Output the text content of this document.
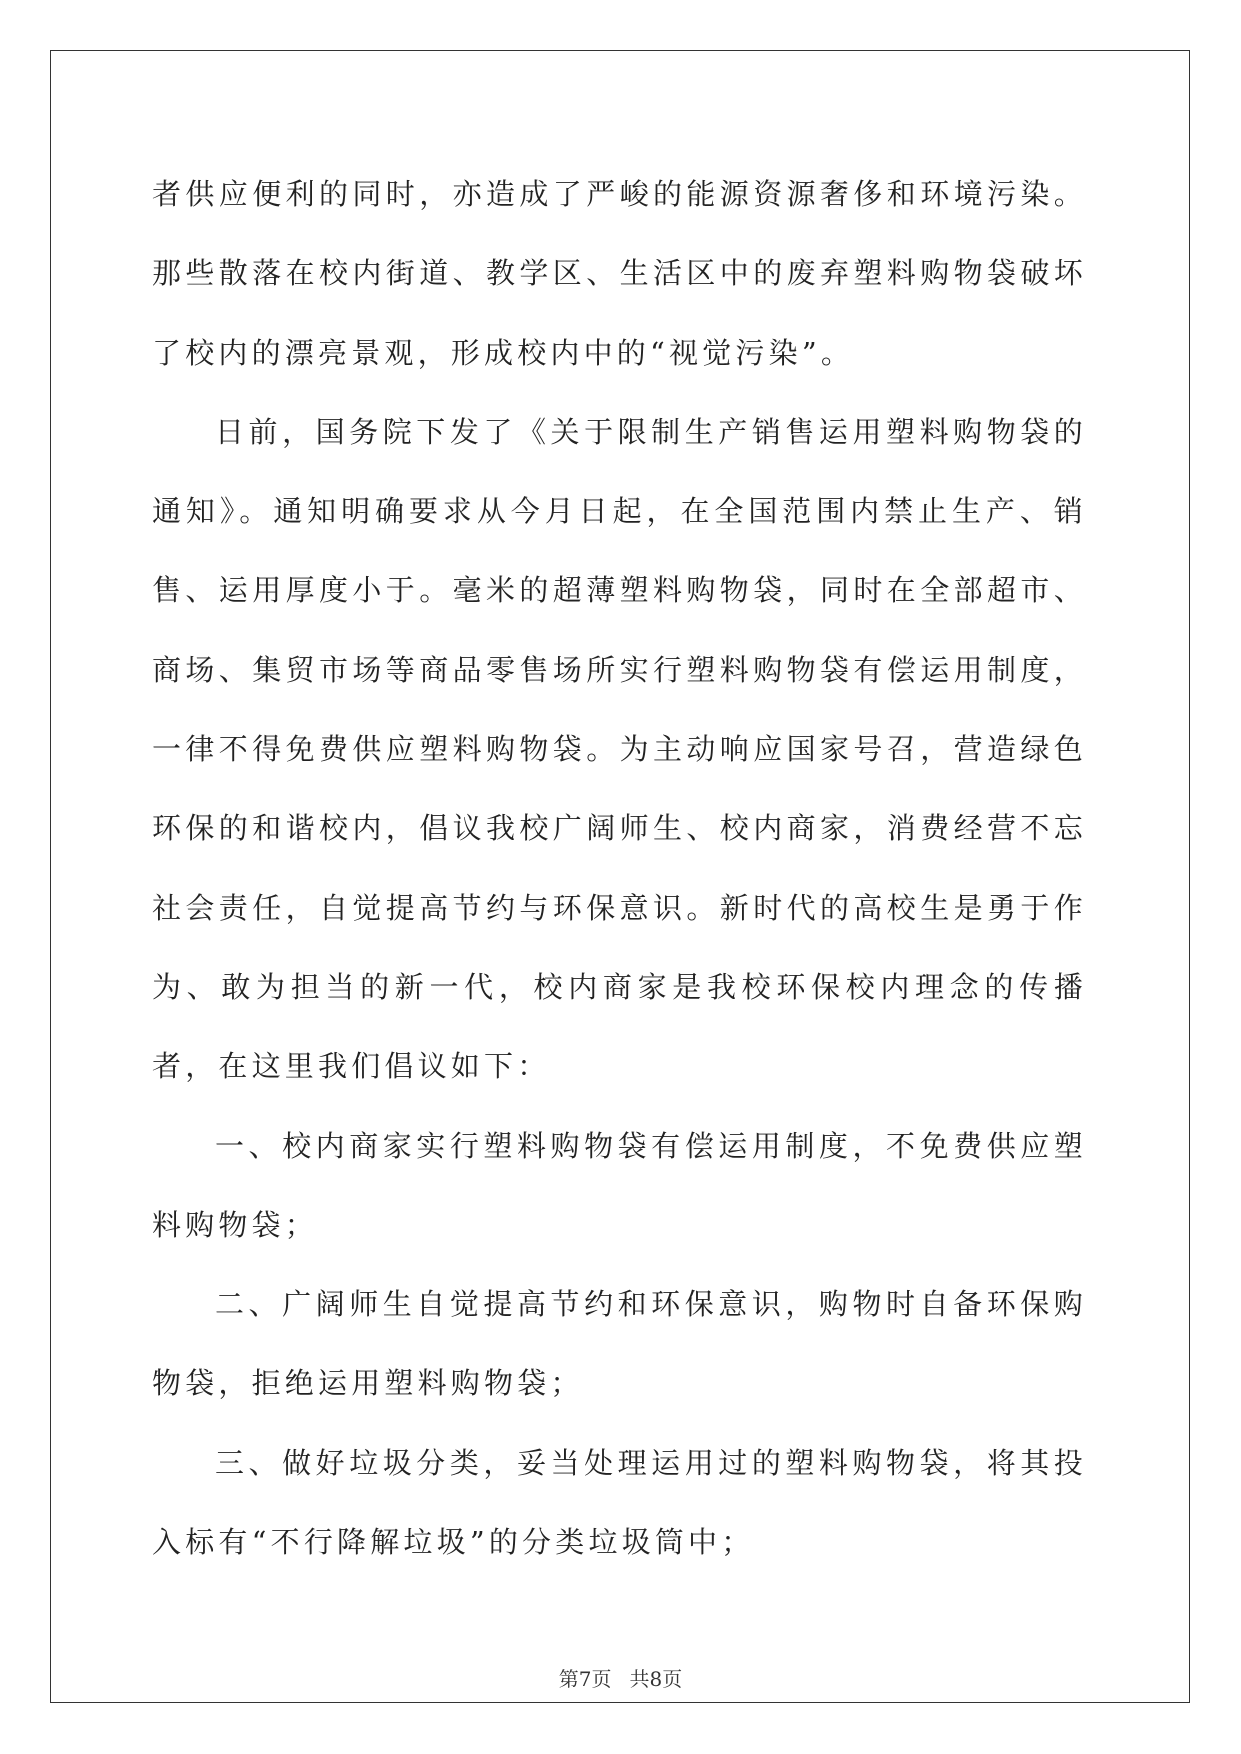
者供应便利的同时，亦造成了严峻的能源资源奢侈和环境污染。那些散落在校内街道、教学区、生活区中的废弃塑料购物袋破坏了校内的漂亮景观，形成校内中的“视觉污染”。

日前，国务院下发了《关于限制生产销售运用塑料购物袋的通知》。通知明确要求从今月日起，在全国范围内禁止生产、销售、运用厚度小于。毫米的超薄塑料购物袋，同时在全部超市、商场、集贸市场等商品零售场所实行塑料购物袋有偿运用制度，一律不得免费供应塑料购物袋。为主动响应国家号召，营造绿色环保的和谐校内，倡议我校广阔师生、校内商家，消费经营不忘社会责任，自觉提高节约与环保意识。新时代的高校生是勇于作为、敢为担当的新一代，校内商家是我校环保校内理念的传播者，在这里我们倡议如下：

一、校内商家实行塑料购物袋有偿运用制度，不免费供应塑料购物袋；

二、广阔师生自觉提高节约和环保意识，购物时自备环保购物袋，拒绝运用塑料购物袋；

三、做好垃圾分类，妥当处理运用过的塑料购物袋，将其投入标有“不行降解垃圾”的分类垃圾筒中；

第7页 共8页
